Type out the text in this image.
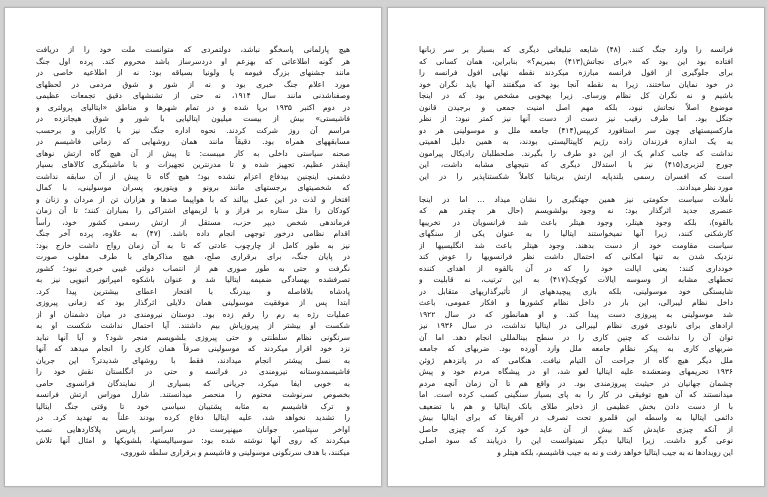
هیچ پارلمانی پاسخگو نباشد، دولتمردی که متوانست ملت خود را از دریافت
هر گونه اطلاعاتی که بهزعم او دردسرساز باشد محروم کند. پرده اول جنگ
مانند جشنهای بزرگ فیومه یا ولونیا بسیاقه بود: نه از اطلاعیه خاصی در
مورد اعلام جنگ خبری بود و نه از شور و شوق مردمی در لحظهای
وصفناشدنی مانند سال ۱۹۱۴، نه حتی از تشنشهای دقیق تجمعات عظیمی
در دوم اکتبر ۱۹۳۵ برپا شده و در تمام شهرها و مناطق «ایتالیای پرولتری و
فاشیستی» بیش از بیست میلیون ایتالیایی با شور و شوق هیجانزده در
مراسم آن روز شرکت کردند. نحوه اداره جنگ نیز با کارآیی و برحسب
مسابقههای همراه بود. دقیقاً مانند همان روشهایی که زمانی فاشیسم در
صحنه سیاستی داخلی به کار میبست: تا پیش از آن هیچ گاه ارتش نوهای
اینقدر عظیم، تجهیز شده و تا مدرنترین تجهیزات و با ماشینگری کالاهای بسیار
دشمنی اینچنین بیدفاع اعزام نشده بود؛ هیچ گاه تا پیش از آن سابقه نداشت
که شخصیتهای برجستهای مانند برونو و ویتوریو، پسران موسولینی، با کمال
افتخار و لذت در این عمل بیالند که با هواپیما صدها و هزاران تن از مردان و زنان و
کودکان را مثل ستاره بر فراز و با لزبمهای اشتراکی را بمباران کنند؛ تا آن زمان
فرماندهی شخص دیپر حزب، مستقل از ارتش رسمی کشور خود، رأساً
اقدام نظامی درخور توجهی انجام داده باشد. (۴۷) به علاوه، پرده آخر جنگ
نیز به طور کامل از چارچوب عادتی که تا به آن زمان رواج داشت خارج بود:
در پایان جنگ، برای برقراری صلح، هیچ مذاکرهای با طرف مغلوب صورت
نگرفت و حتی به طور صوری هم از انتصاب دولتی غیبی خبری نبود؛ کشور
تصرفشده بهسادگی ضمیمه ایتالیا شد و عنوان باشکوه امپراتور اتیوپی نیز به
پادشاه بلافاصله و بیدرنگ با افتخار اعطای بیشترین پیدا کرد.
ابتدا پس از موفقیت موسولینی همان دلایلی اثرگذار بود که زمانی پیروزی
عملیات رژه به رم را رقم زده بود. دوستان نیرومندی در میان دشمنان او از
شکست او بیشتر از پیروزیاش بیم داشتند. آیا احتمال نداشت شکست او به
سرنگونی نظام سلطنتی و حتی پیروزی بلشویسم منجر شود؟ و آیا آنها نباید
نزد خود اقرار میکردند که موسولینی صرفاً همان کاری را انجام میدهد که آنها
به نسل پیشتر انجام میدادند، فقط با روشهای شدیدتر؟ این جریان
فاشیسمدوستانه نیرومندی در فرانسه و حتی در انگلستان نقش خود را
به خوبی ایفا میکرد، جریانی که بسیاری از نمایندگان فرانسوی حامی
بخصوص سرنوشت محتوم را منحصر میدانستند. شارل موراس ارتش فرانسه
و ترک فاشیسم به مثابه پشتیبان سیاسی خود تا وقتی جنگ ایتالیا
را تشدید نخواهد شد، علیه ایتالیا دفاع کرده بودند علناً به تهدید کرد. در
اواخر سپتامبر، جوانان میهنپرست در سراسر پاریس پلاکاردهایی نصب
میکردند که روی آنها نوشته شده بود: سوسیالیستها، بلشویکها و امثال آنها تلاش
میکنند، با هدف سرنگونی موسولینی و فاشیسم و برقراری سلطه شوروی،
فرانسه را وارد جنگ کنند. (۴۸) شایعه تبلیغاتی دیگری که بسیار بر سر زبانها
افتاده بود این بود که «برای نجاتش(۴۱۳) بمیریم؟» بنابراین، همان کسانی که
برای جلوگیری از افول فرانسه مبارزه میکردند نقطه نهایی افول فرانسه را
در خود نمایان ساختند، زیرا به نقطه آنجا بود که میگفتند آنها باید نگران خود
باشیم و نه نگران کل نظام ورسای. زیرا بهخوبی مشخص بود که در اینجا
موضوع اصلاً نجاتش نبود، بلکه مهم اصل امنیت جمعی و برجیدن قانون
جنگل بود. اما طرف رقیب نیز دست از دست آنها نیز کمتر نبود: از نظر
مارکسیستهای چون سر استافورد کریپس(۴۱۴) جامعه ملل و موسولینی هر دو
به یک اندازه فرزندان زاده رژیم کاپیتالیستی بودند، به همین دلیل اهمیتی
نداشت که جانب کدام یک از این دو طرف را بگیرند. صلحطلبان رادیکال پیرامون
جورج لنزبری(۴۱۵) نیز با استدلال دیگری که نتیجهای مشابه داشت، این
است که افسران رسمی بلندپایه ارتش بریتانیا کاملاً شکستناپذیر را در این
مورد نظر میدادند.
تأملات سیاست حکومتی نیز همین جهتگیری را نشان میداد ... اما در اینجا
عنصری جدید اثرگذار بود: نه وجود بولشویسم (حال هر چقدر هم که
بالقوه)، بلکه وجود هیتلر، وجود هیتلر باعث شد فرانسویان در تخریبها
کارشکنی کنند، زیرا آنها نمیخواستند ایتالیا را به عنوان یکی از سنگهای
سیاست مقاومت خود از دست بدهند. وجود هیتلر باعث شد انگلیسیها از
نزدیک شدن به تنها امکانی که احتمال داشت نظر فرانسویها را عوض کند
خودداری کنند: یعنی ایالت خود را که در آن بالقوه از اهدای کننده
تحطهای مشابه از وسوسه ایالات کوچک(۴۱۷) به این ترتیب، نه قابلیت و
شایستگی خود موسولینی، بلکه بازی پیچیدههای از تأثیرگذاریهای متقابل در
داخل نظام لیبرالی، این بار در داخل نظام کشورها و افکار عمومی، باعث
شد موسولینی به پیروزی دست پیدا کند. و او همانطور که در سال ۱۹۲۲
ارادهای برای نابودی فوری نظام لیبرالی در ایتالیا نداشت، در سال ۱۹۳۶ نیز
توان آن را نداشت که چنین کاری را در سطح بینالمللی انجام دهد. اما آن
ضربهای کاری به پیکر نظام جامعه ملل وارد آورده بود. ضربهای که جامعه
ملل دیگر هیچ گاه از جراحت آن التیام نیافت. هنگامی که در پانزدهم ژوئن
۱۹۳۶ تحریمهای وضعشده علیه ایتالیا لغو شد، او در پیشگاه مردم خود و پیش
چشمان جهانیان در حیثیت پیروزمندی بود. در واقع هم تا آن زمان آنچه مردم
میدانستند که آن هیچ توفیقی در کار را به پای بسیار سنگینی کسب کرده است. اما
با از دست دادن بخش عظیمی از ذخایر طلای بانک ایتالیا و هم با تضعیف
دائمی ایتالیا به واسطه این قلمرو تحت تصرف در آفریقا که برای ایتالیا بیش
از آنکه چیزی عایدش کند بیش از آن عاید خود کرد که چیزی حاصل
نوعی گرو داشت. زیرا ایتالیا دیگر نمیتوانست این را دریابند که سود اصلی
این رویدادها نه به جیب ایتالیا خواهد رفت و نه به جیب فاشیسم، بلکه هیتلر و
